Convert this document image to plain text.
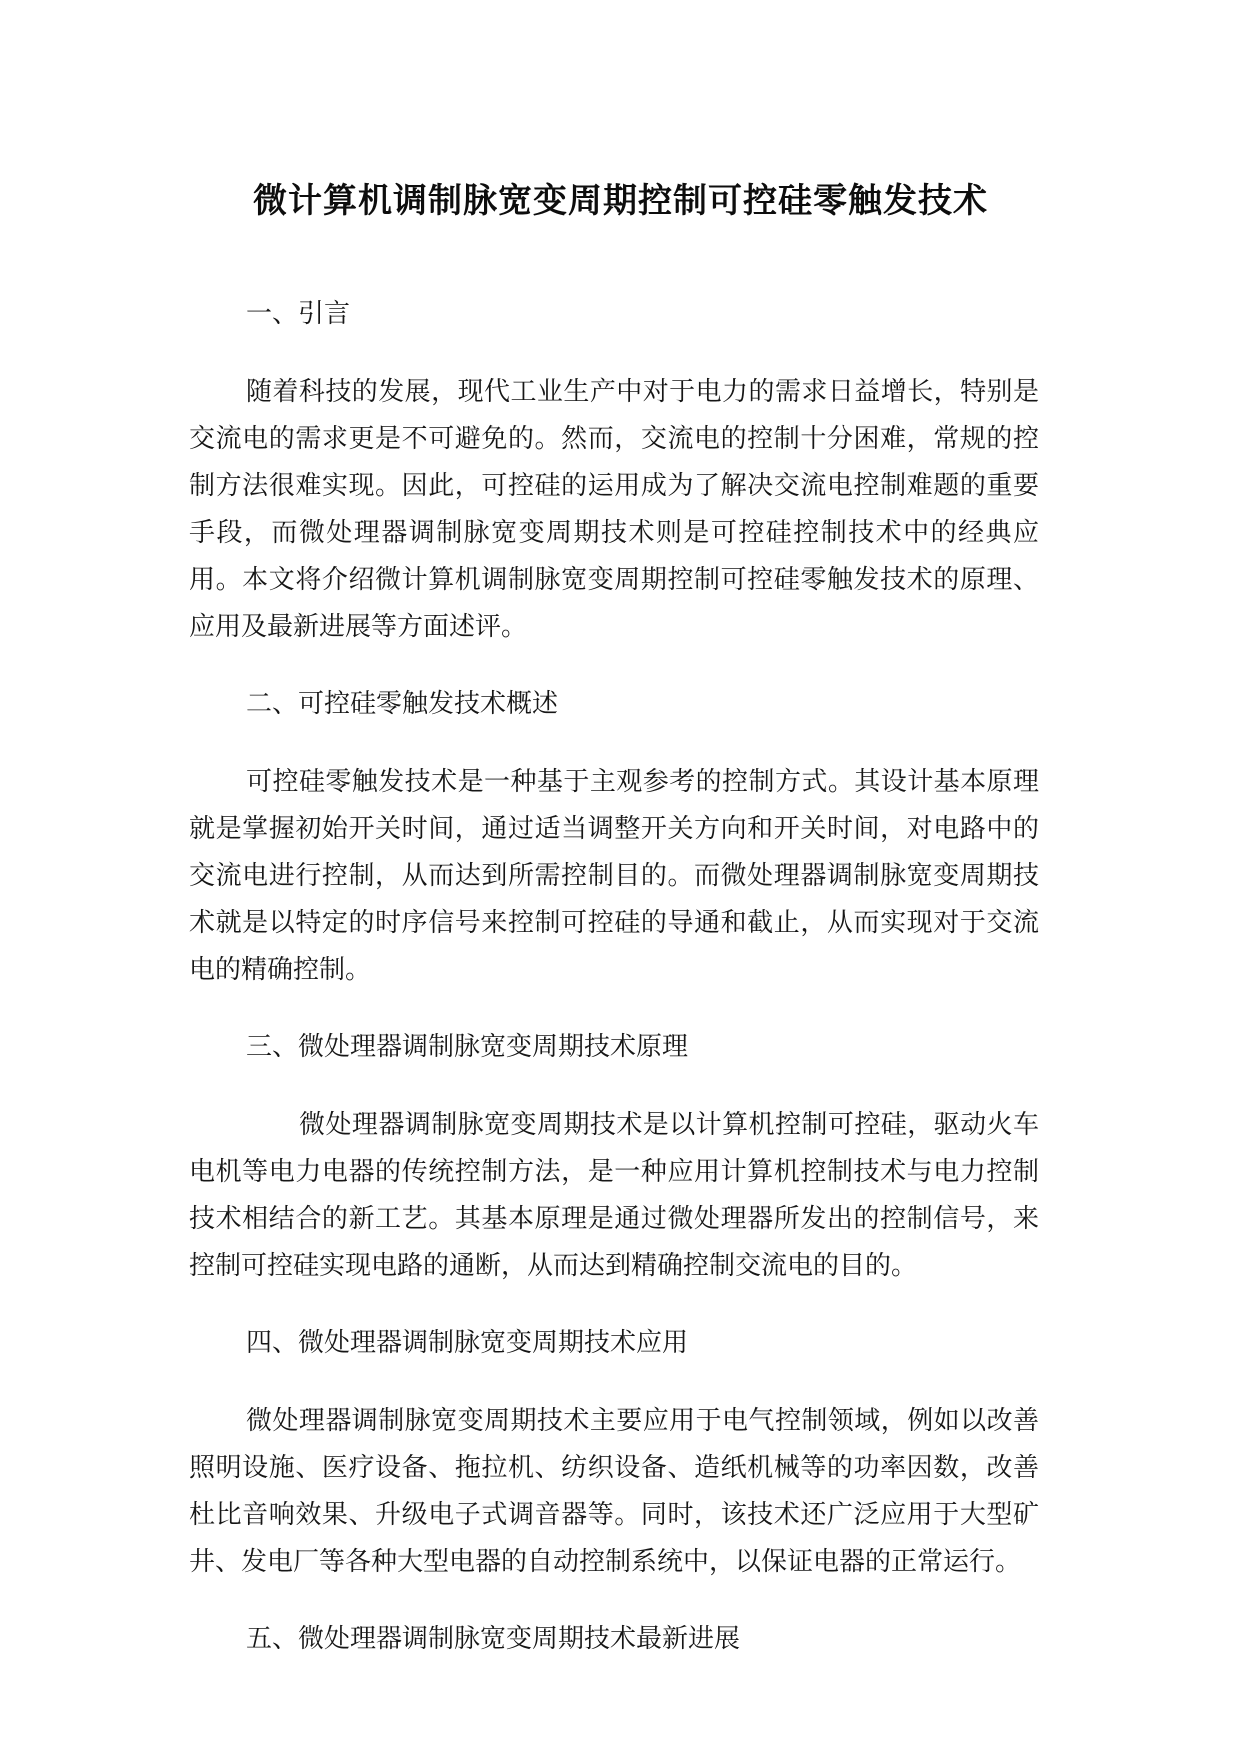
微计算机调制脉宽变周期控制可控硅零触发技术

一、引言

随着科技的发展，现代工业生产中对于电力的需求日益增长，特别是交流电的需求更是不可避免的。然而，交流电的控制十分困难，常规的控制方法很难实现。因此，可控硅的运用成为了解决交流电控制难题的重要手段，而微处理器调制脉宽变周期技术则是可控硅控制技术中的经典应用。本文将介绍微计算机调制脉宽变周期控制可控硅零触发技术的原理、应用及最新进展等方面述评。

二、可控硅零触发技术概述

可控硅零触发技术是一种基于主观参考的控制方式。其设计基本原理就是掌握初始开关时间，通过适当调整开关方向和开关时间，对电路中的交流电进行控制，从而达到所需控制目的。而微处理器调制脉宽变周期技术就是以特定的时序信号来控制可控硅的导通和截止，从而实现对于交流电的精确控制。

三、微处理器调制脉宽变周期技术原理

微处理器调制脉宽变周期技术是以计算机控制可控硅，驱动火车电机等电力电器的传统控制方法，是一种应用计算机控制技术与电力控制技术相结合的新工艺。其基本原理是通过微处理器所发出的控制信号，来控制可控硅实现电路的通断，从而达到精确控制交流电的目的。

四、微处理器调制脉宽变周期技术应用

微处理器调制脉宽变周期技术主要应用于电气控制领域，例如以改善照明设施、医疗设备、拖拉机、纺织设备、造纸机械等的功率因数，改善杜比音响效果、升级电子式调音器等。同时，该技术还广泛应用于大型矿井、发电厂等各种大型电器的自动控制系统中，以保证电器的正常运行。

五、微处理器调制脉宽变周期技术最新进展
